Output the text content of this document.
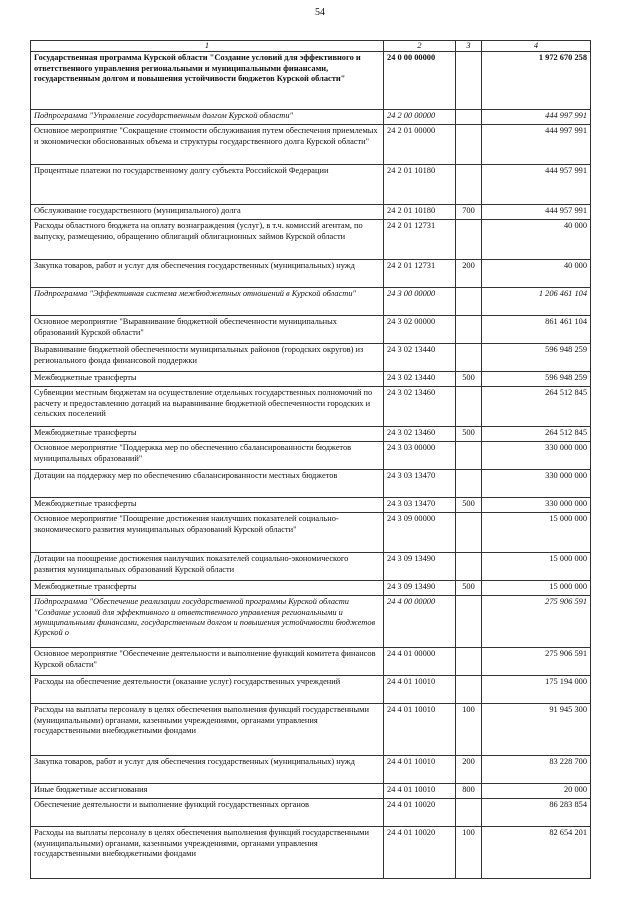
54
1	2	3	4
Государственная программа Курской области "Создание условий для эффективного и ответственного управления региональными и муниципальными финансами, государственным долгом и повышения устойчивости бюджетов Курской области"	24 0 00 00000		1 972 670 258
Подпрограмма "Управление государственным долгом Курской области"	24 2 00 00000		444 997 991
Основное мероприятие "Сокращение стоимости обслуживания путем обеспечения приемлемых и экономически обоснованных объема и структуры государственного долга Курской области"	24 2 01 00000		444 997 991
Процентные платежи по государственному долгу субъекта Российской Федерации	24 2 01 10180		444 957 991
Обслуживание государственного (муниципального) долга	24 2 01 10180	700	444 957 991
Расходы областного бюджета на оплату вознаграждения (услуг), в т.ч. комиссий агентам, по выпуску, размещению, обращению облигаций облигационных займов Курской области	24 2 01 12731		40 000
Закупка товаров, работ и услуг для обеспечения государственных (муниципальных) нужд	24 2 01 12731	200	40 000
Подпрограмма "Эффективная система межбюджетных отношений в Курской области"	24 3 00 00000		1 206 461 104
Основное мероприятие "Выравнивание бюджетной обеспеченности муниципальных образований Курской области"	24 3 02 00000		861 461 104
Выравнивание бюджетной обеспеченности муниципальных районов (городских округов) из регионального фонда финансовой поддержки	24 3 02 13440		596 948 259
Межбюджетные трансферты	24 3 02 13440	500	596 948 259
Субвенции местным бюджетам на осуществление отдельных государственных полномочий по расчету и предоставлению дотаций на выравнивание бюджетной обеспеченности городских и сельских поселений	24 3 02 13460		264 512 845
Межбюджетные трансферты	24 3 02 13460	500	264 512 845
Основное мероприятие "Поддержка мер по обеспечению сбалансированности бюджетов муниципальных образований"	24 3 03 00000		330 000 000
Дотации на поддержку мер по обеспечению сбалансированности местных бюджетов	24 3 03 13470		330 000 000
Межбюджетные трансферты	24 3 03 13470	500	330 000 000
Основное мероприятие "Поощрение достижения наилучших показателей социально-экономического развития муниципальных образований Курской области"	24 3 09 00000		15 000 000
Дотации на поощрение достижения наилучших показателей социально-экономического развития муниципальных образований Курской области	24 3 09 13490		15 000 000
Межбюджетные трансферты	24 3 09 13490	500	15 000 000
Подпрограмма "Обеспечение реализации государственной программы Курской области "Создание условий для эффективного и ответственного управления региональными и муниципальными финансами, государственным долгом и повышения устойчивости бюджетов Курской о	24 4 00 00000		275 906 591
Основное мероприятие "Обеспечение деятельности и выполнение функций комитета финансов Курской области"	24 4 01 00000		275 906 591
Расходы на обеспечение деятельности (оказание услуг) государственных учреждений	24 4 01 10010		175 194 000
Расходы на выплаты персоналу в целях обеспечения выполнения функций государственными (муниципальными) органами, казенными учреждениями, органами управления государственными внебюджетными фондами	24 4 01 10010	100	91 945 300
Закупка товаров, работ и услуг для обеспечения государственных (муниципальных) нужд	24 4 01 10010	200	83 228 700
Иные бюджетные ассигнования	24 4 01 10010	800	20 000
Обеспечение деятельности и выполнение функций государственных органов	24 4 01 10020		86 283 854
Расходы на выплаты персоналу в целях обеспечения выполнения функций государственными (муниципальными) органами, казенными учреждениями, органами управления государственными внебюджетными фондами	24 4 01 10020	100	82 654 201
